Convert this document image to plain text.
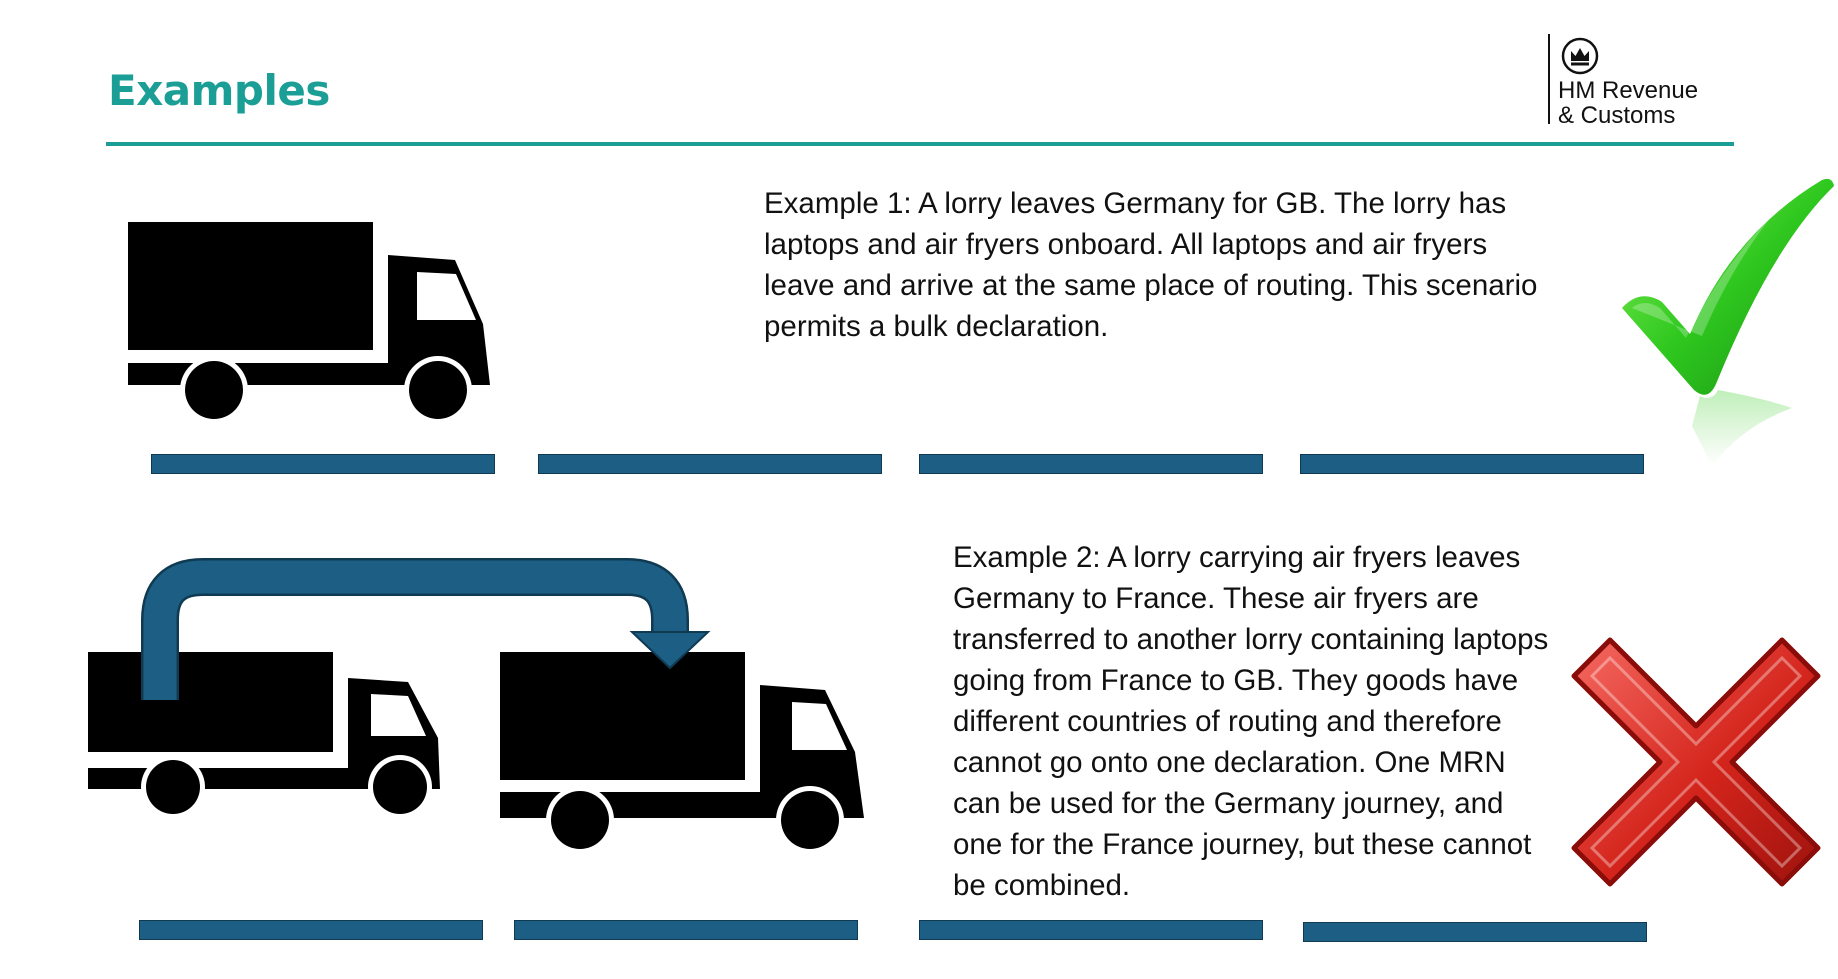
Examples	HM Revenue
& Customs
Example 1: A lorry leaves Germany for GB. The lorry has laptops and air fryers onboard. All laptops and air fryers leave and arrive at the same place of routing. This scenario permits a bulk declaration.
Example 2: A lorry carrying air fryers leaves Germany to France. These air fryers are transferred to another lorry containing laptops going from France to GB. They goods have different countries of routing and therefore cannot go onto one declaration. One MRN can be used for the Germany journey, and one for the France journey, but these cannot be combined.
